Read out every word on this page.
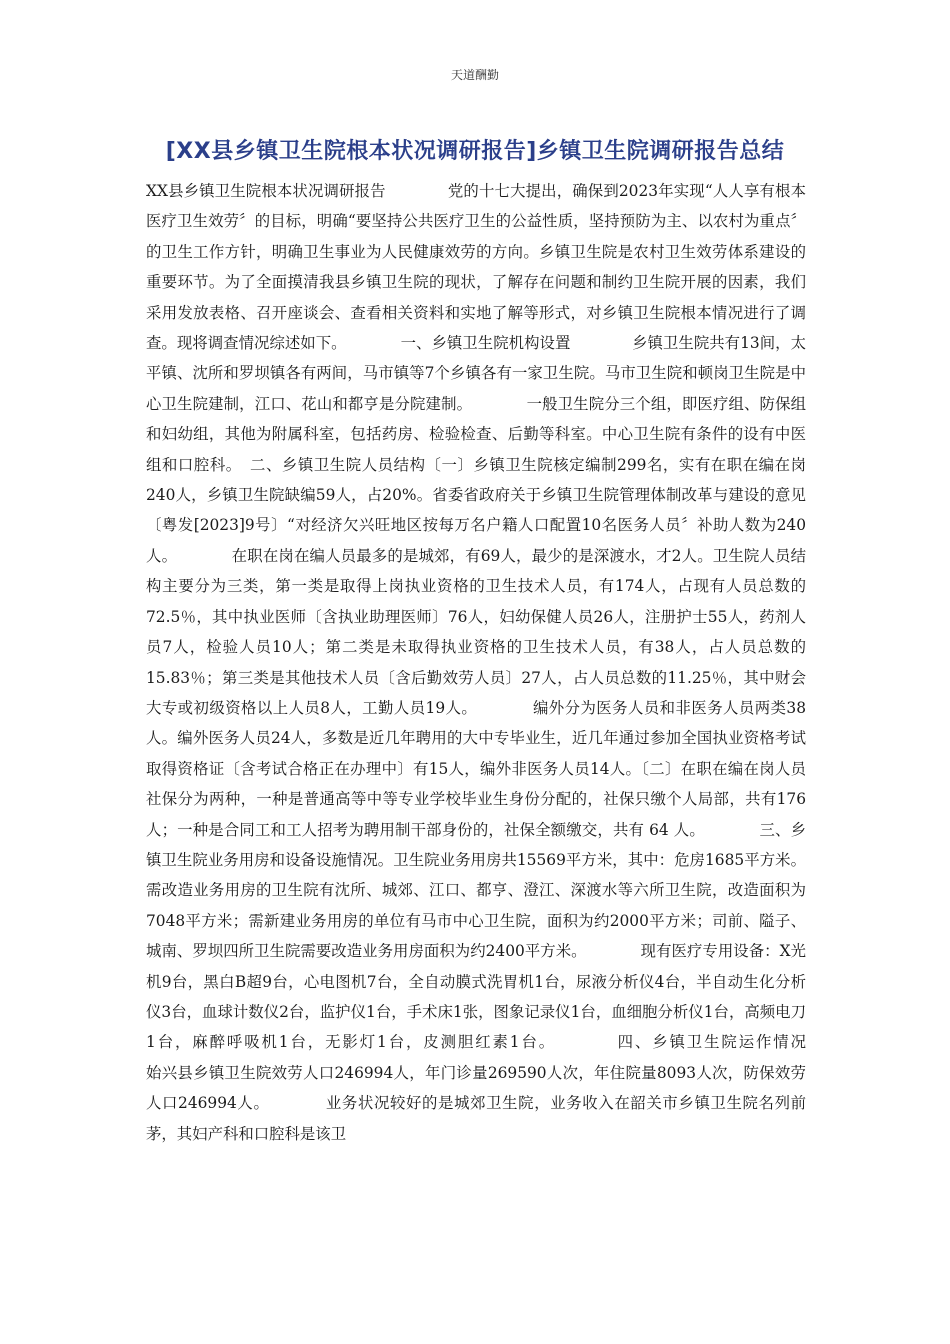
天道酬勤
[XX县乡镇卫生院根本状况调研报告]乡镇卫生院调研报告总结

XX县乡镇卫生院根本状况调研报告　　　　党的十七大提出，确保到2023年实现“人人享有根本医疗卫生效劳〞的目标，明确“要坚持公共医疗卫生的公益性质，坚持预防为主、以农村为重点〞的卫生工作方针，明确卫生事业为人民健康效劳的方向。乡镇卫生院是农村卫生效劳体系建设的重要环节。为了全面摸清我县乡镇卫生院的现状，了解存在问题和制约卫生院开展的因素，我们采用发放表格、召开座谈会、查看相关资料和实地了解等形式，对乡镇卫生院根本情况进行了调查。现将调查情况综述如下。　　　　一、乡镇卫生院机构设置　　　　乡镇卫生院共有13间，太平镇、沈所和罗坝镇各有两间，马市镇等7个乡镇各有一家卫生院。马市卫生院和顿岗卫生院是中心卫生院建制，江口、花山和都亨是分院建制。　　　　一般卫生院分三个组，即医疗组、防保组和妇幼组，其他为附属科室，包括药房、检验检查、后勤等科室。中心卫生院有条件的设有中医组和口腔科。　二、乡镇卫生院人员结构〔一〕乡镇卫生院核定编制299名，实有在职在编在岗240人，乡镇卫生院缺编59人，占20%。省委省政府关于乡镇卫生院管理体制改革与建设的意见〔粤发[2023]9号〕“对经济欠兴旺地区按每万名户籍人口配置10名医务人员〞补助人数为240人。　　　　在职在岗在编人员最多的是城郊，有69人，最少的是深渡水，才2人。卫生院人员结构主要分为三类，第一类是取得上岗执业资格的卫生技术人员，有174人，占现有人员总数的72.5％，其中执业医师〔含执业助理医师〕76人，妇幼保健人员26人，注册护士55人，药剂人员7人，检验人员10人；第二类是未取得执业资格的卫生技术人员，有38人，占人员总数的15.83％；第三类是其他技术人员〔含后勤效劳人员〕27人，占人员总数的11.25％，其中财会大专或初级资格以上人员8人，工勤人员19人。　　　　编外分为医务人员和非医务人员两类38人。编外医务人员24人，多数是近几年聘用的大中专毕业生，近几年通过参加全国执业资格考试取得资格证〔含考试合格正在办理中〕有15人，编外非医务人员14人。〔二〕在职在编在岗人员社保分为两种，一种是普通高等中等专业学校毕业生身份分配的，社保只缴个人局部，共有176人；一种是合同工和工人招考为聘用制干部身份的，社保全额缴交，共有 64 人。　　　　三、乡镇卫生院业务用房和设备设施情况。卫生院业务用房共15569平方米，其中：危房1685平方米。需改造业务用房的卫生院有沈所、城郊、江口、都亨、澄江、深渡水等六所卫生院，改造面积为7048平方米；需新建业务用房的单位有马市中心卫生院，面积为约2000平方米；司前、隘子、城南、罗坝四所卫生院需要改造业务用房面积为约2400平方米。　　　　现有医疗专用设备：X光机9台，黑白B超9台，心电图机7台，全自动膜式洗胃机1台，尿液分析仪4台，半自动生化分析仪3台，血球计数仪2台，监护仪1台，手术床1张，图象记录仪1台，血细胞分析仪1台，高频电刀1台，麻醉呼吸机1台，无影灯1台，皮测胆红素1台。　　　　四、乡镇卫生院运作情况　　　　始兴县乡镇卫生院效劳人口246994人，年门诊量269590人次，年住院量8093人次，防保效劳人口246994人。　　　　业务状况较好的是城郊卫生院，业务收入在韶关市乡镇卫生院名列前茅，其妇产科和口腔科是该卫
